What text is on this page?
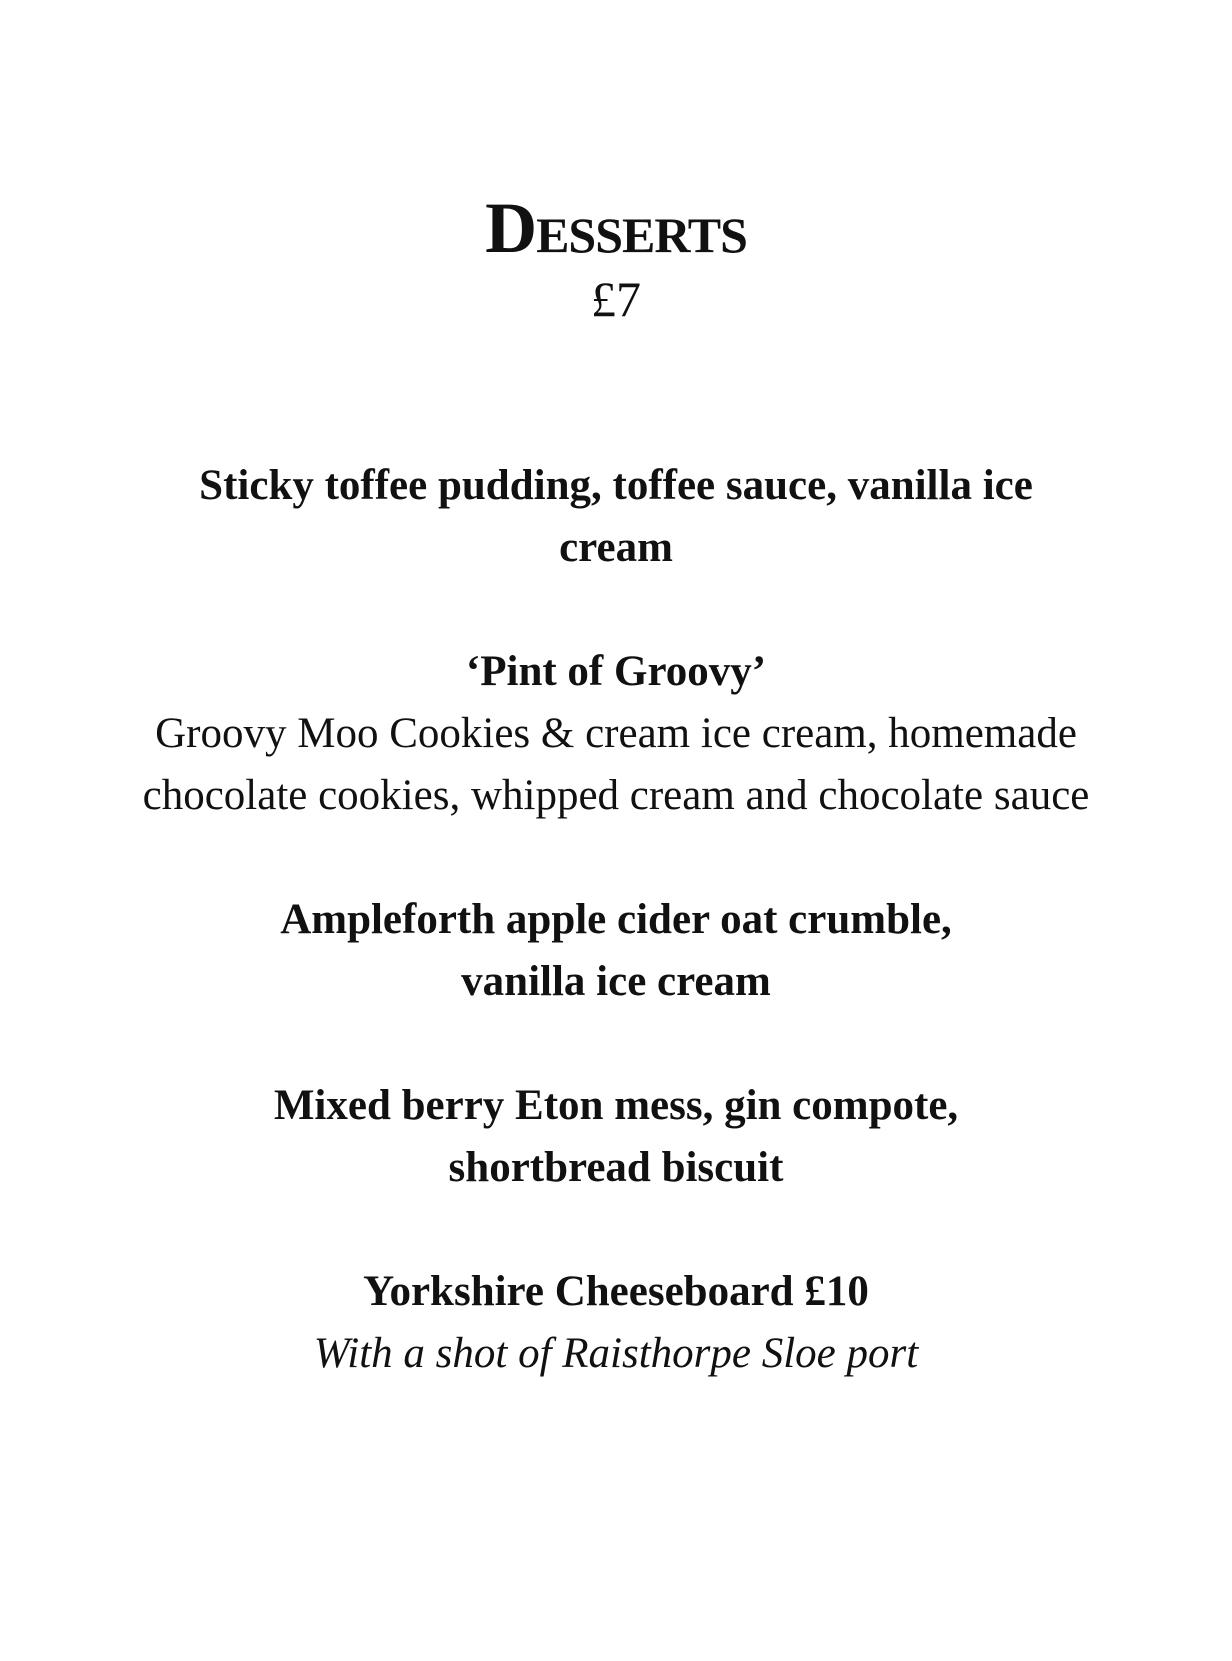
Desserts
£7
Sticky toffee pudding, toffee sauce, vanilla ice cream
‘Pint of Groovy’
Groovy Moo Cookies & cream ice cream, homemade chocolate cookies, whipped cream and chocolate sauce
Ampleforth apple cider oat crumble, vanilla ice cream
Mixed berry Eton mess, gin compote, shortbread biscuit
Yorkshire Cheeseboard £10
With a shot of Raisthorpe Sloe port
